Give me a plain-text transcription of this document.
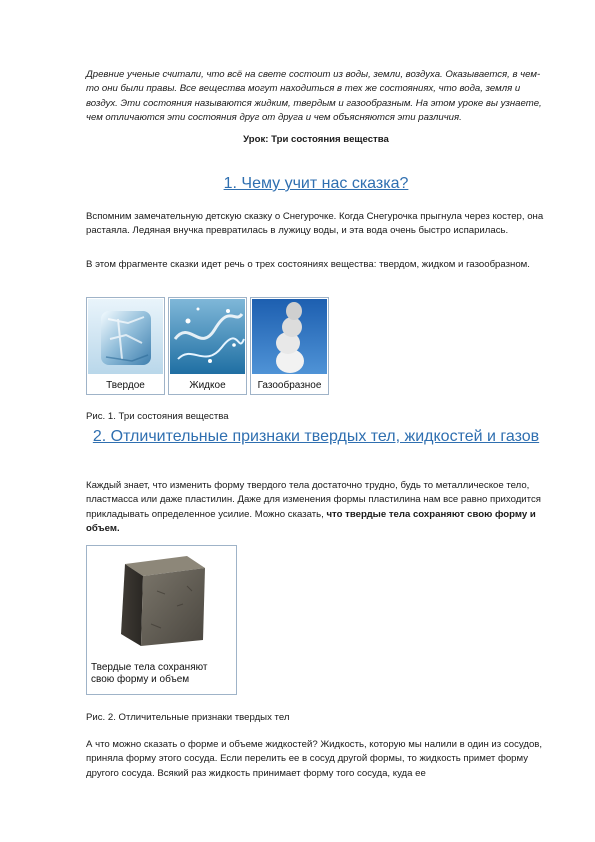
Древние ученые считали, что всё на свете состоит из воды, земли, воздуха. Оказывается, в чем-то они были правы. Все вещества могут находиться в тех же состояниях, что вода, земля и воздух. Эти состояния называются жидким, твердым и газообразным. На этом уроке вы узнаете, чем отличаются эти состояния друг от друга и чем объясняются эти различия.

Урок: Три состояния вещества

1. Чему учит нас сказка?

Вспомним замечательную детскую сказку о Снегурочке. Когда Снегурочка прыгнула через костер, она растаяла. Ледяная внучка превратилась в лужицу воды, и эта вода очень быстро испарилась.

В этом фрагменте сказки идет речь о трех состояниях вещества: твердом, жидком и газообразном.

Твердое	Жидкое	Газообразное

Рис. 1. Три состояния вещества

2. Отличительные признаки твердых тел, жидкостей и газов

Каждый знает, что изменить форму твердого тела достаточно трудно, будь то металлическое тело, пластмасса или даже пластилин. Даже для изменения формы пластилина нам все равно приходится прикладывать определенное усилие. Можно сказать, что твердые тела сохраняют свою форму и объем.

Твердые тела сохраняют свою форму и объем

Рис. 2. Отличительные признаки твердых тел

А что можно сказать о форме и объеме жидкостей? Жидкость, которую мы налили в один из сосудов, приняла форму этого сосуда. Если перелить ее в сосуд другой формы, то жидкость примет форму другого сосуда. Всякий раз жидкость принимает форму того сосуда, куда ее
